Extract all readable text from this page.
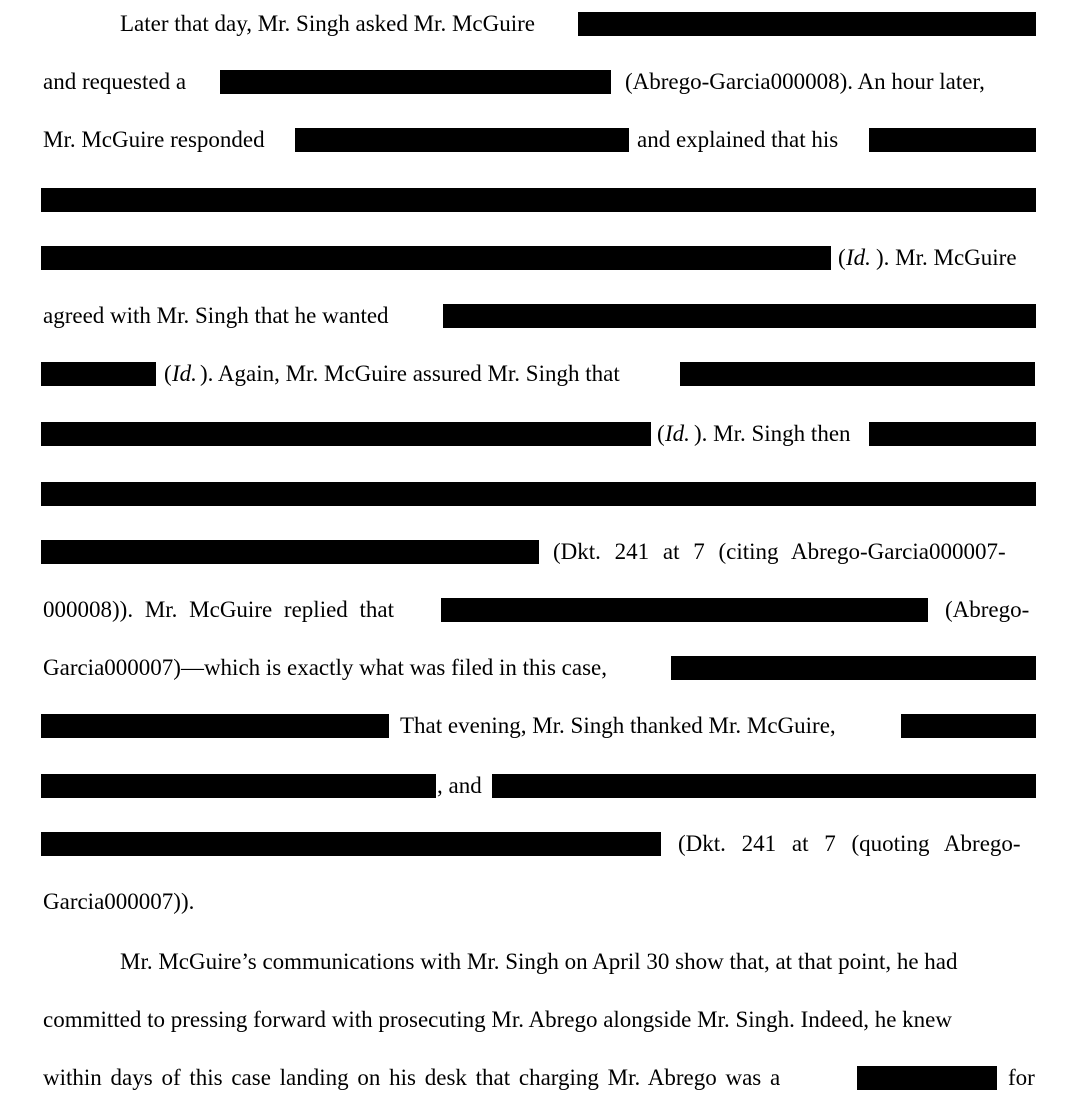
Later that day, Mr. Singh asked Mr. McGuire
and requested a	(Abrego-Garcia000008). An hour later,
Mr. McGuire responded	and explained that his
( Id. ). Mr. McGuire
agreed with Mr. Singh that he wanted
( Id. ). Again, Mr. McGuire assured Mr. Singh that
( Id. ). Mr. Singh then
(Dkt. 241 at 7 (citing Abrego-Garcia000007-
000008)). Mr. McGuire replied that	(Abrego-
Garcia000007)—which is exactly what was filed in this case,
That evening, Mr. Singh thanked Mr. McGuire,
, and
(Dkt. 241 at 7 (quoting Abrego-
Garcia000007)).
Mr. McGuire’s communications with Mr. Singh on April 30 show that, at that point, he had
committed to pressing forward with prosecuting Mr. Abrego alongside Mr. Singh. Indeed, he knew
within days of this case landing on his desk that charging Mr. Abrego was a	for
